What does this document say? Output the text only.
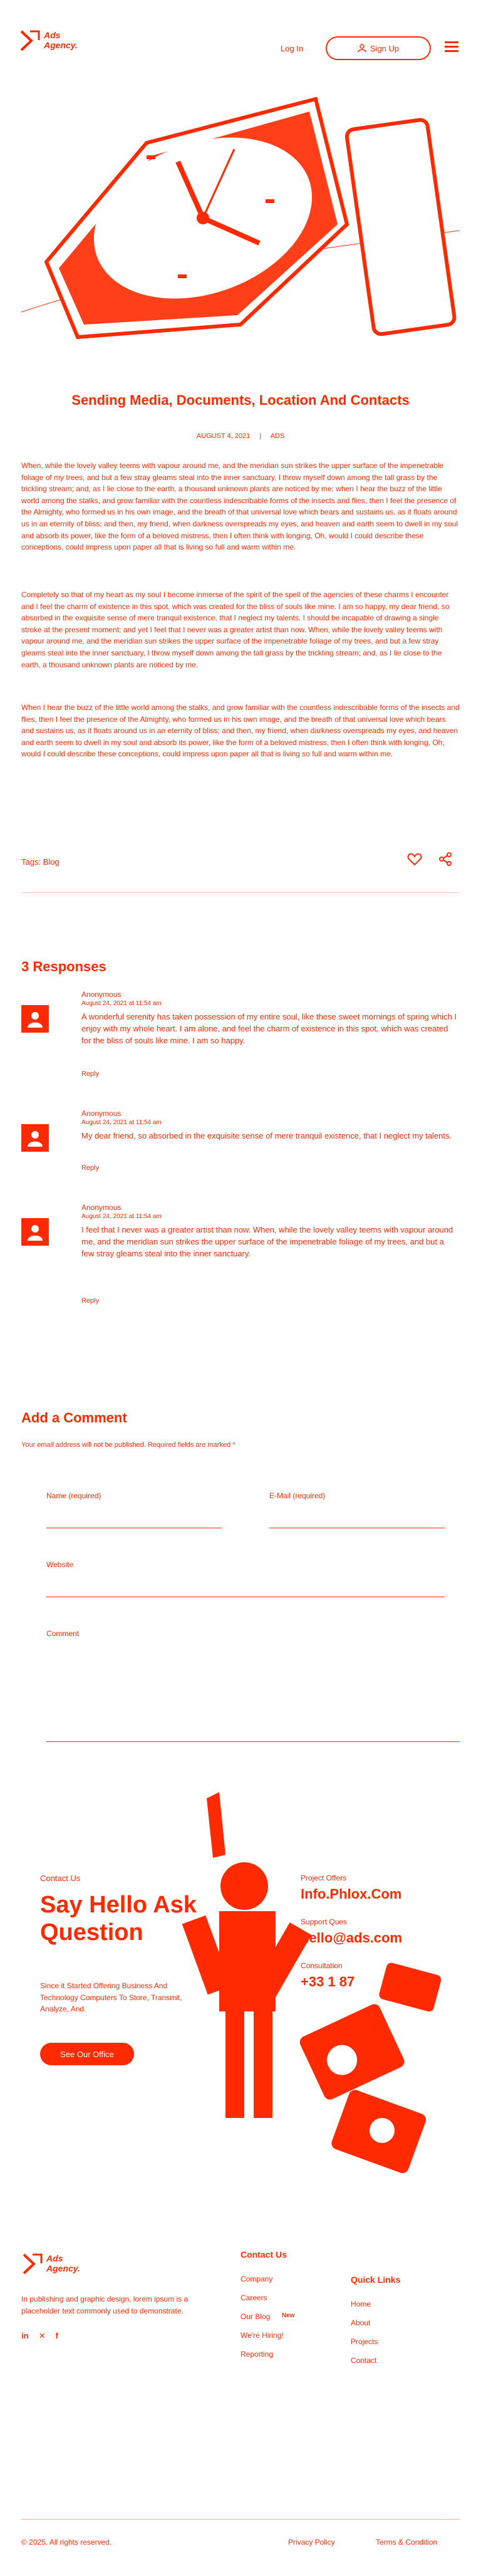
Ads
Agency.	Log In	Sign Up
Sending Media, Documents, Location And Contacts
AUGUST 4, 2021 | ADS
When, while the lovely valley teems with vapour around me, and the meridian sun strikes the upper surface of the impenetrable foliage of my trees, and but a few stray gleams steal into the inner sanctuary, I throw myself down among the tall grass by the trickling stream; and, as I lie close to the earth, a thousand unknown plants are noticed by me: when I hear the buzz of the little world among the stalks, and grow familiar with the countless indescribable forms of the insects and flies, then I feel the presence of the Almighty, who formed us in his own image, and the breath of that universal love which bears and sustains us, as it floats around us in an eternity of bliss; and then, my friend, when darkness overspreads my eyes, and heaven and earth seem to dwell in my soul and absorb its power, like the form of a beloved mistress, then I often think with longing, Oh, would I could describe these conceptions, could impress upon paper all that is living so full and warm within me.
Completely so that of my heart as my soul I become inmerse of the spirit of the spell of the agencies of these charms I encounter and I feel the charm of existence in this spot, which was created for the bliss of souls like mine. I am so happy, my dear friend, so absorbed in the exquisite sense of mere tranquil existence, that I neglect my talents. I should be incapable of drawing a single stroke at the present moment; and yet I feel that I never was a greater artist than now. When, while the lovely valley teems with vapour around me, and the meridian sun strikes the upper surface of the impenetrable foliage of my trees, and but a few stray gleams steal into the inner sanctuary, I throw myself down among the tall grass by the trickling stream; and, as I lie close to the earth, a thousand unknown plants are noticed by me.
When I hear the buzz of the little world among the stalks, and grow familiar with the countless indescribable forms of the insects and flies, then I feel the presence of the Almighty, who formed us in his own image, and the breath of that universal love which bears and sustains us, as it floats around us in an eternity of bliss; and then, my friend, when darkness overspreads my eyes, and heaven and earth seem to dwell in my soul and absorb its power, like the form of a beloved mistress, then I often think with longing, Oh, would I could describe these conceptions, could impress upon paper all that is living so full and warm within me.
Tags: Blog
3 Responses
Anonymous
August 24, 2021 at 11:54 am
A wonderful serenity has taken possession of my entire soul, like these sweet mornings of spring which I enjoy with my whole heart. I am alone, and feel the charm of existence in this spot, which was created for the bliss of souls like mine. I am so happy.
Reply
Anonymous
August 24, 2021 at 11:54 am
My dear friend, so absorbed in the exquisite sense of mere tranquil existence, that I neglect my talents.
Reply
Anonymous
August 24, 2021 at 11:54 am
I feel that I never was a greater artist than now. When, while the lovely valley teems with vapour around me, and the meridian sun strikes the upper surface of the impenetrable foliage of my trees, and but a few stray gleams steal into the inner sanctuary.
Reply
Add a Comment
Your email address will not be published. Required fields are marked *
Name (required)	E-Mail (required)
Website
Comment
Contact Us
Say Hello Ask
Question
Since it Started Offering Business And Technology Computers To Store, Transmit, Analyze, And.
See Our Office
Project Offers
Info.Phlox.Com
Support Ques
hello@ads.com
Consultation
+33 1 87
Ads
Agency.
In publishing and graphic design, lorem ipsum is a placeholder text commonly used to demonstrate.
in ✕ f
Contact Us
Company
Careers
Our Blog New
We're Hiring!
Reporting
Quick Links
Home
About
Projects
Contact
© 2025. All rights reserved.	Privacy Policy	Terms & Condition
